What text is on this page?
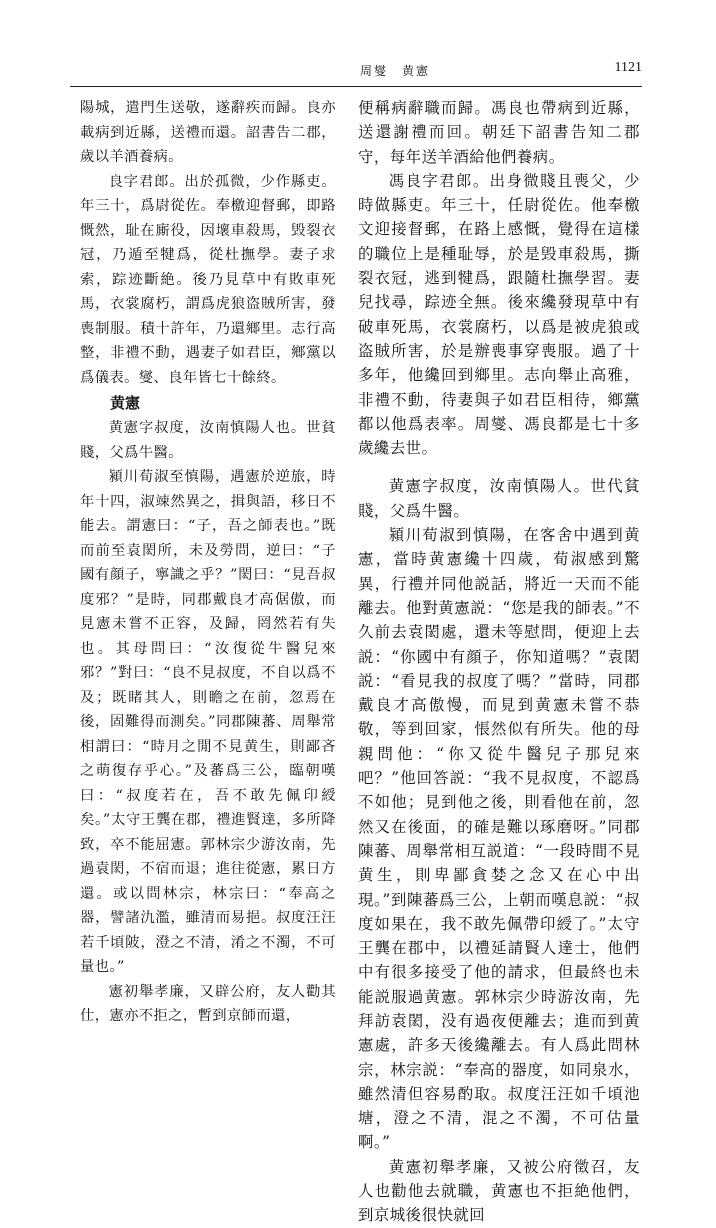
周燮　黄憲	1121

陽城，遣門生送敬，遂辭疾而歸。良亦載病到近縣，送禮而還。詔書告二郡，歲以羊酒養病。

良字君郎。出於孤微，少作縣吏。年三十，爲尉從佐。奉檄迎督郵，即路慨然，耻在廝役，因壞車殺馬，毁裂衣冠，乃遁至犍爲，從杜撫學。妻子求索，踪迹斷絶。後乃見草中有敗車死馬，衣裳腐朽，謂爲虎狼盗賊所害，發喪制服。積十許年，乃還鄉里。志行高整，非禮不動，遇妻子如君臣，鄉黨以爲儀表。燮、良年皆七十餘終。

黄憲

黄憲字叔度，汝南慎陽人也。世貧賤，父爲牛醫。

潁川荀淑至慎陽，遇憲於逆旅，時年十四，淑竦然異之，揖與語，移日不能去。謂憲曰：“子，吾之師表也。”既而前至袁閎所，未及勞問，逆曰：“子國有顔子，寧識之乎？”閎曰：“見吾叔度邪？”是時，同郡戴良才高倨傲，而見憲未嘗不正容，及歸，罔然若有失也。其母問曰：“汝復從牛醫兒來邪？”對曰：“良不見叔度，不自以爲不及；既睹其人，則瞻之在前，忽焉在後，固難得而測矣。”同郡陳蕃、周舉常相謂曰：“時月之閒不見黄生，則鄙吝之萌復存乎心。”及蕃爲三公，臨朝嘆曰：“叔度若在，吾不敢先佩印綬矣。”太守王龔在郡，禮進賢達，多所降致，卒不能屈憲。郭林宗少游汝南，先過袁閎，不宿而退；進往從憲，累日方還。或以問林宗，林宗曰：“奉高之器，譬諸氿濫，雖清而易挹。叔度汪汪若千頃陂，澄之不清，淆之不濁，不可量也。”

憲初舉孝廉，又辟公府，友人勸其仕，憲亦不拒之，暫到京師而還，

便稱病辭職而歸。馮良也帶病到近縣，送還謝禮而回。朝廷下詔書告知二郡守，每年送羊酒給他們養病。

馮良字君郎。出身微賤且喪父，少時做縣吏。年三十，任尉從佐。他奉檄文迎接督郵，在路上感慨，覺得在這樣的職位上是種耻辱，於是毁車殺馬，撕裂衣冠，逃到犍爲，跟隨杜撫學習。妻兒找尋，踪迹全無。後來纔發現草中有破車死馬，衣裳腐朽，以爲是被虎狼或盗賊所害，於是辦喪事穿喪服。過了十多年，他纔回到鄉里。志向舉止高雅，非禮不動，待妻與子如君臣相待，鄉黨都以他爲表率。周燮、馮良都是七十多歲纔去世。

黄憲字叔度，汝南慎陽人。世代貧賤，父爲牛醫。

潁川荀淑到慎陽，在客舍中遇到黄憲，當時黄憲纔十四歲，荀淑感到驚異，行禮并同他説話，將近一天而不能離去。他對黄憲説：“您是我的師表。”不久前去袁閎處，還未等慰問，便迎上去説：“你國中有顔子，你知道嗎？”袁閎説：“看見我的叔度了嗎？”當時，同郡戴良才高傲慢，而見到黄憲未嘗不恭敬，等到回家，悵然似有所失。他的母親問他：“你又從牛醫兒子那兒來吧？”他回答説：“我不見叔度，不認爲不如他；見到他之後，則看他在前，忽然又在後面，的確是難以琢磨呀。”同郡陳蕃、周舉常相互説道：“一段時間不見黄生，則卑鄙貪婪之念又在心中出現。”到陳蕃爲三公，上朝而嘆息説：“叔度如果在，我不敢先佩帶印綬了。”太守王龔在郡中，以禮延請賢人達士，他們中有很多接受了他的請求，但最終也未能説服過黄憲。郭林宗少時游汝南，先拜訪袁閎，没有過夜便離去；進而到黄憲處，許多天後纔離去。有人爲此問林宗，林宗説：“奉高的器度，如同泉水，雖然清但容易酌取。叔度汪汪如千頃池塘，澄之不清，混之不濁，不可估量啊。”

黄憲初舉孝廉，又被公府徵召，友人也勸他去就職，黄憲也不拒絶他們，到京城後很快就回
